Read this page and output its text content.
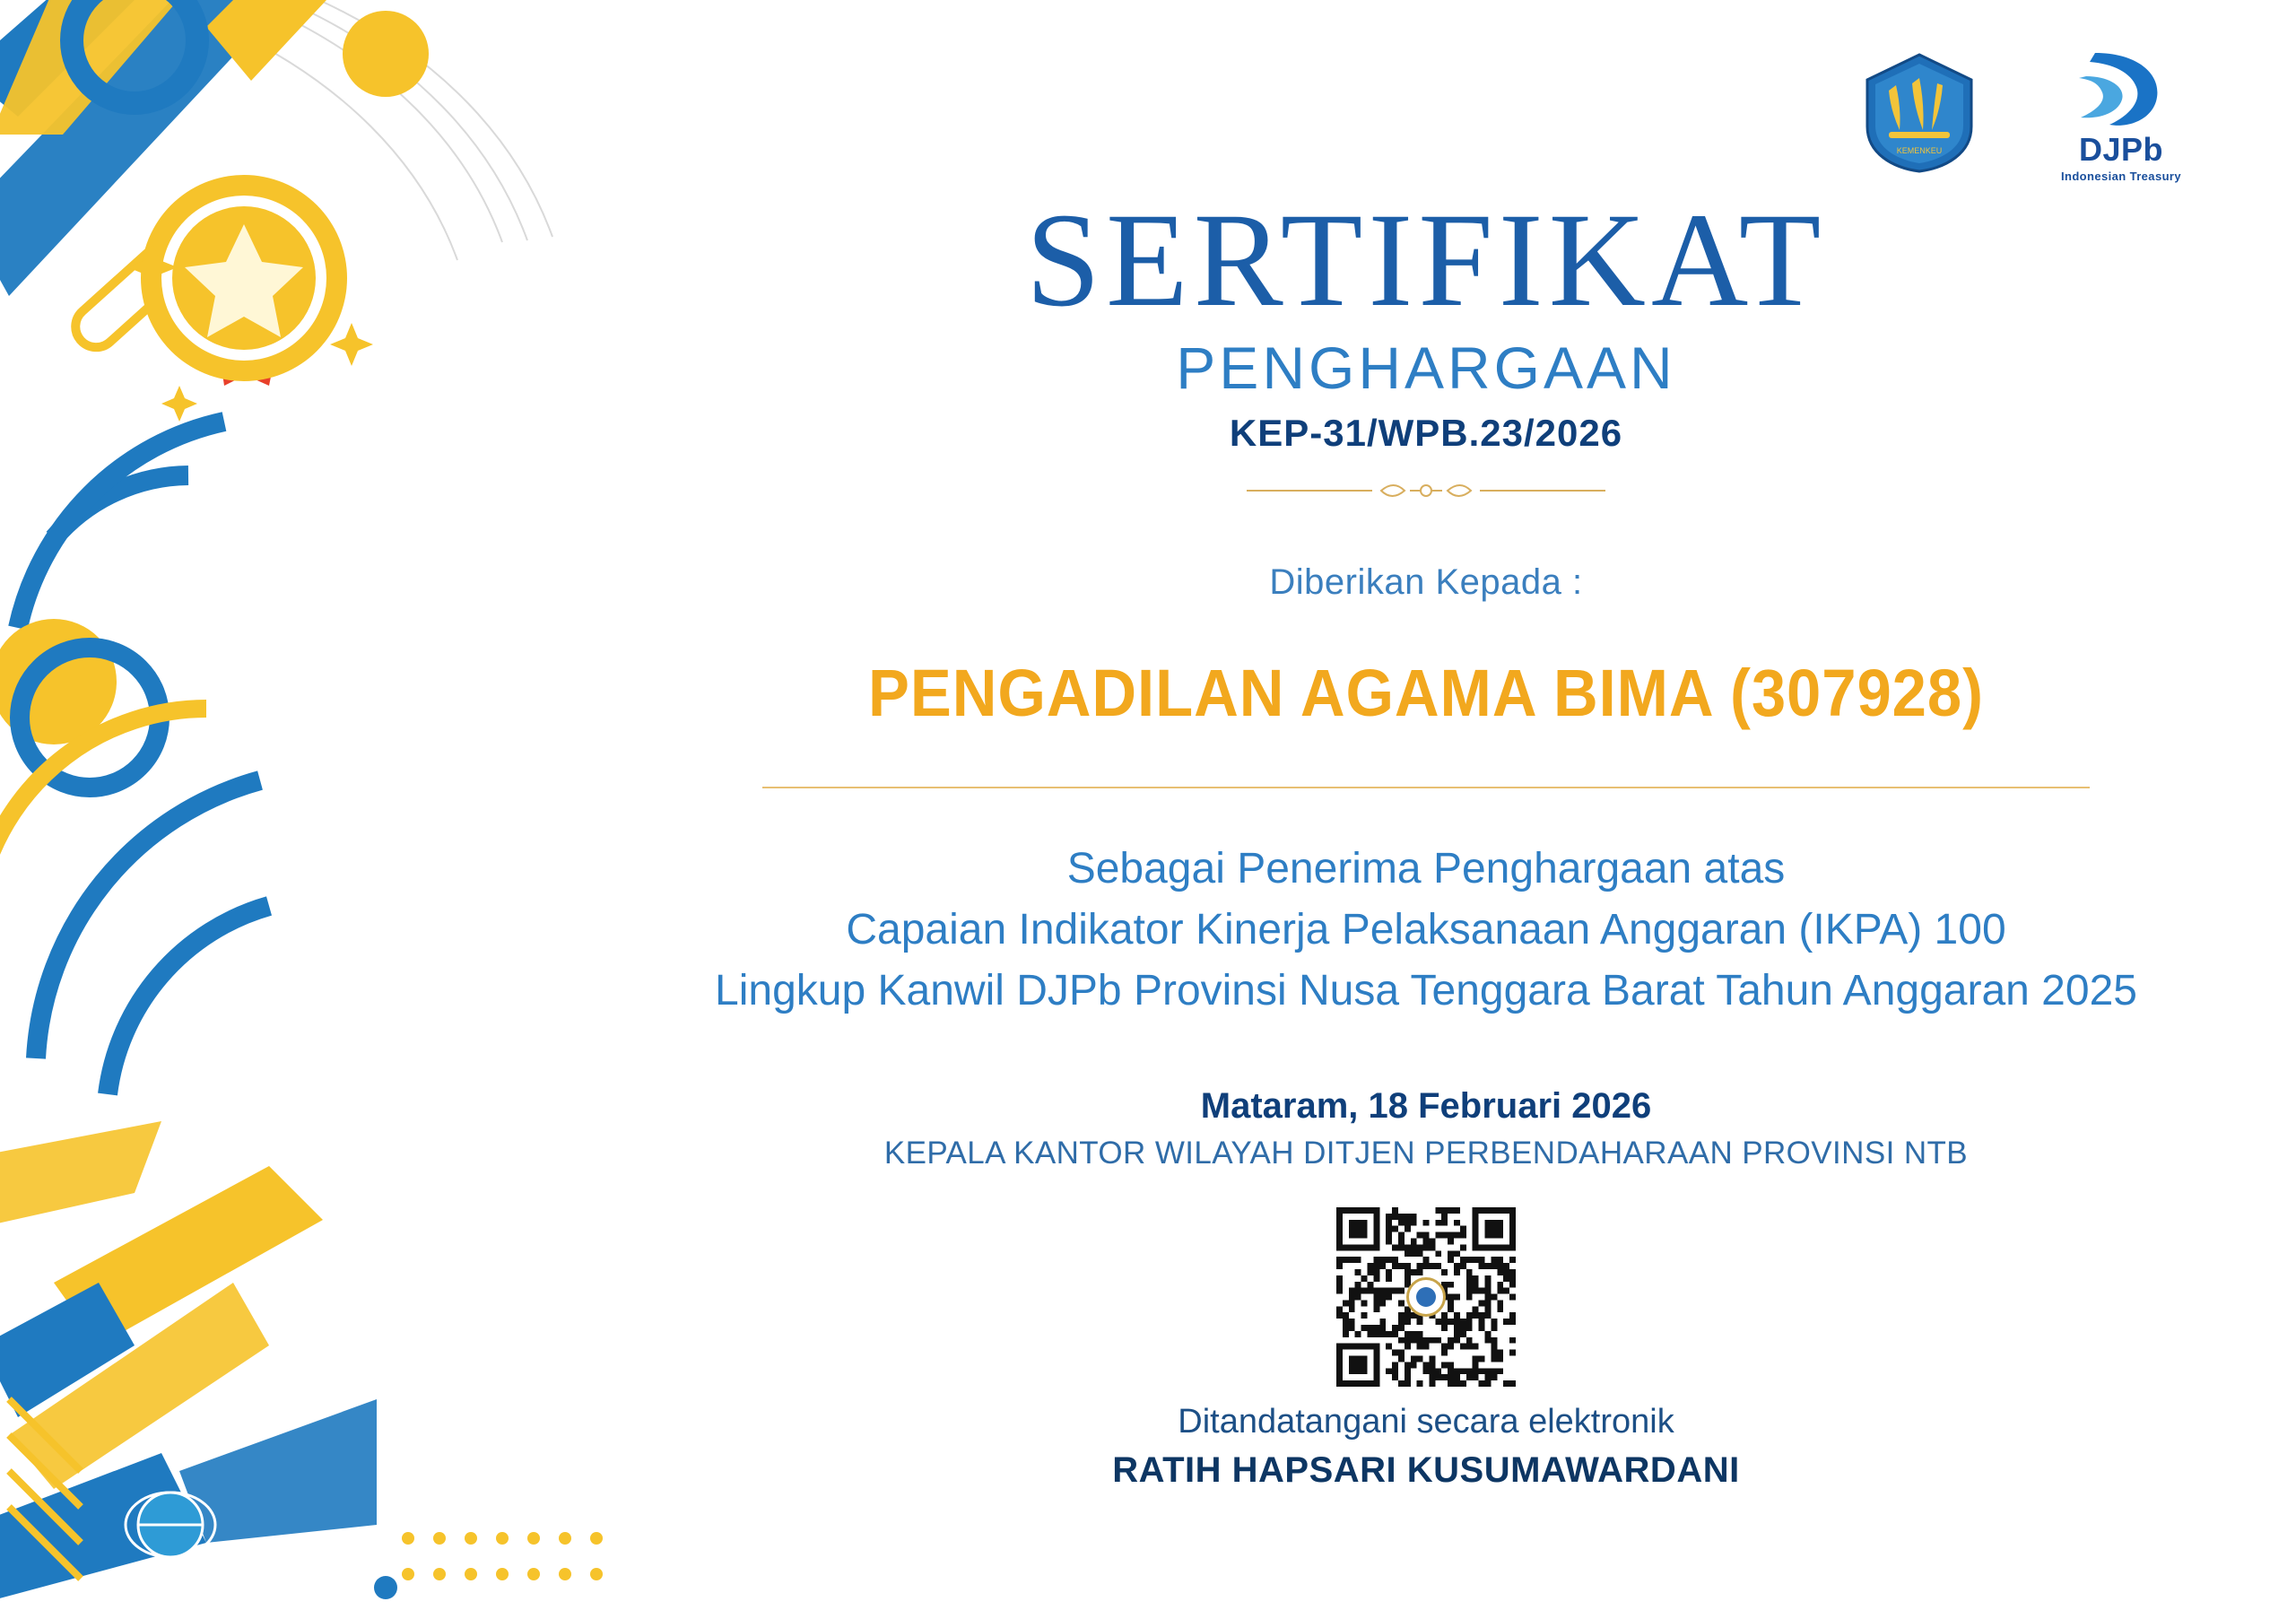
KEMENKEU	DJPb
Indonesian Treasury
SERTIFIKAT
PENGHARGAAN
KEP-31/WPB.23/2026
Diberikan Kepada :
PENGADILAN AGAMA BIMA (307928)
Sebagai Penerima Penghargaan atas
Capaian Indikator Kinerja Pelaksanaan Anggaran (IKPA) 100
Lingkup Kanwil DJPb Provinsi Nusa Tenggara Barat Tahun Anggaran 2025
Mataram, 18 Februari 2026
KEPALA KANTOR WILAYAH DITJEN PERBENDAHARAAN PROVINSI NTB
Ditandatangani secara elektronik
RATIH HAPSARI KUSUMAWARDANI
